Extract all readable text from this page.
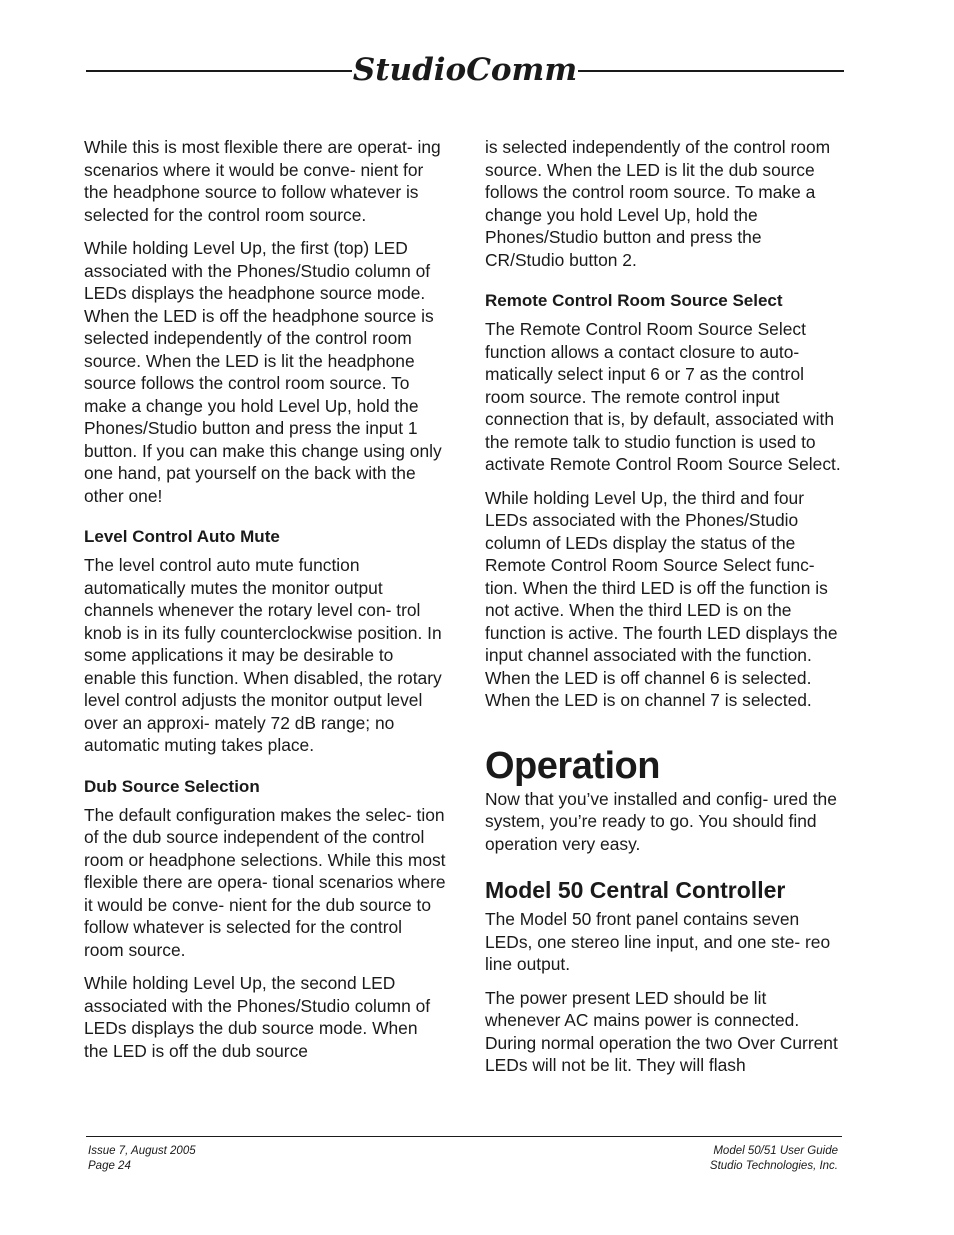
StudioComm

While this is most flexible there are operat- ing scenarios where it would be conve- nient for the headphone source to follow whatever is selected for the control room source.

While holding Level Up, the first (top) LED associated with the Phones/Studio column of LEDs displays the headphone source mode. When the LED is off the headphone source is selected independently of the control room source. When the LED is lit the headphone source follows the control room source. To make a change you hold Level Up, hold the Phones/Studio button and press the input 1 button. If you can make this change using only one hand, pat yourself on the back with the other one!

Level Control Auto Mute

The level control auto mute function automatically mutes the monitor output channels whenever the rotary level con- trol knob is in its fully counterclockwise position. In some applications it may be desirable to enable this function. When disabled, the rotary level control adjusts the monitor output level over an approxi- mately 72 dB range; no automatic muting takes place.

Dub Source Selection

The default configuration makes the selec- tion of the dub source independent of the control room or headphone selections. While this most flexible there are opera- tional scenarios where it would be conve- nient for the dub source to follow whatever is selected for the control room source.

While holding Level Up, the second LED associated with the Phones/Studio column of LEDs displays the dub source mode. When the LED is off the dub source

is selected independently of the control room source. When the LED is lit the dub source follows the control room source. To make a change you hold Level Up, hold the Phones/Studio button and press the CR/Studio button 2.

Remote Control Room Source Select

The Remote Control Room Source Select function allows a contact closure to auto- matically select input 6 or 7 as the control room source. The remote control input connection that is, by default, associated with the remote talk to studio function is used to activate Remote Control Room Source Select.

While holding Level Up, the third and four LEDs associated with the Phones/Studio column of LEDs display the status of the Remote Control Room Source Select func- tion. When the third LED is off the function is not active. When the third LED is on the function is active. The fourth LED displays the input channel associated with the function. When the LED is off channel 6 is selected. When the LED is on channel 7 is selected.

Operation

Now that you’ve installed and config- ured the system, you’re ready to go. You should find operation very easy.

Model 50 Central Controller

The Model 50 front panel contains seven LEDs, one stereo line input, and one ste- reo line output.

The power present LED should be lit whenever AC mains power is connected. During normal operation the two Over Current LEDs will not be lit. They will flash

Issue 7, August 2005
Page 24
Model 50/51 User Guide
Studio Technologies, Inc.
